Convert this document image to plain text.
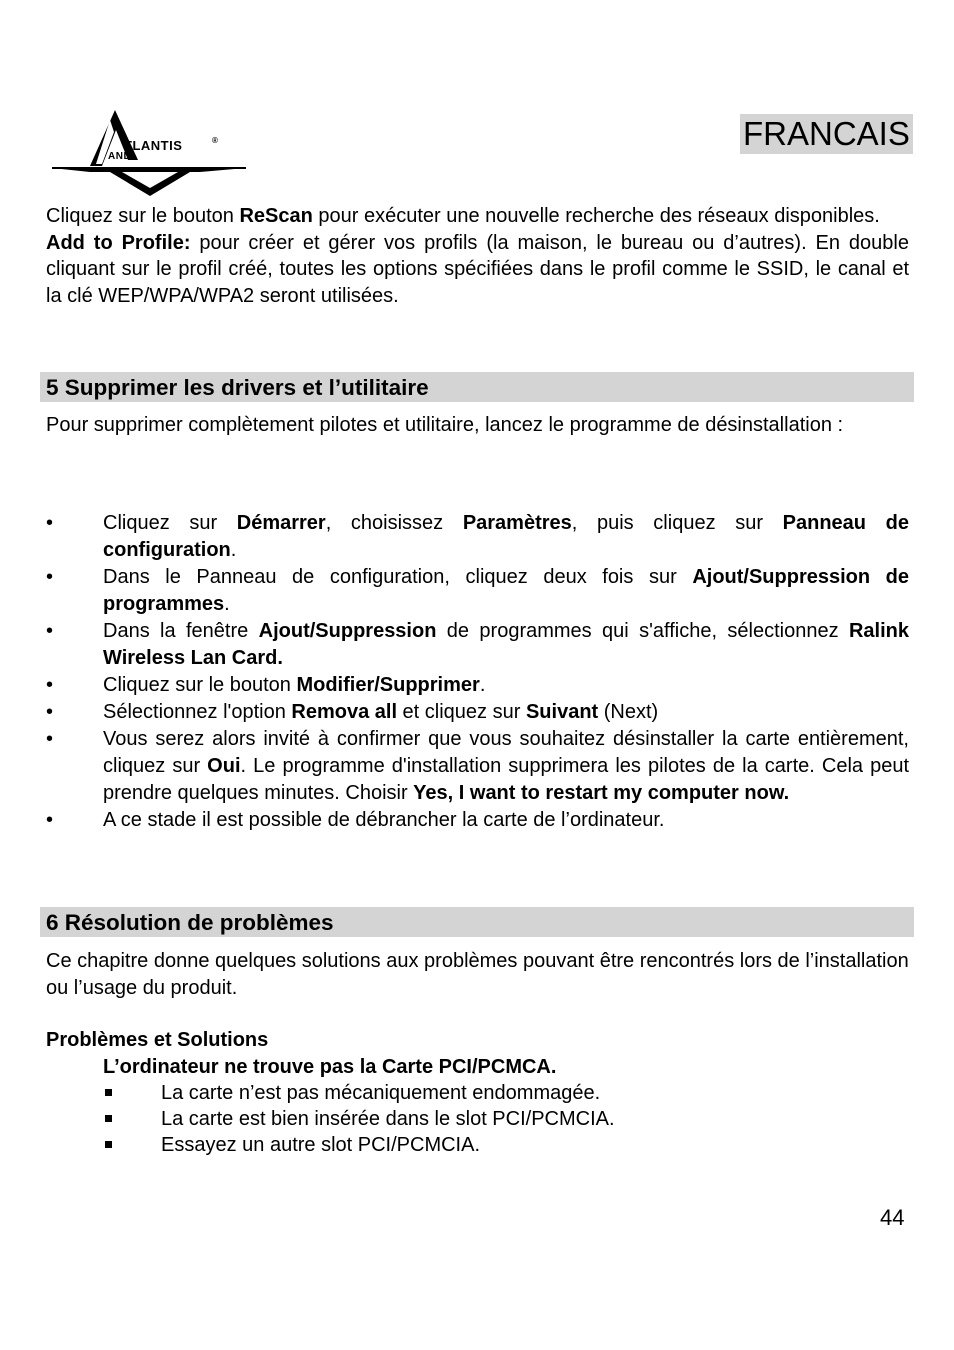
TLANTIS
AND
®	FRANCAIS

Cliquez sur le bouton ReScan pour exécuter une nouvelle recherche des réseaux disponibles.

Add to Profile: pour créer et gérer vos profils (la maison, le bureau ou d’autres). En double cliquant sur le profil créé, toutes les options spécifiées dans le profil comme le SSID, le canal et la clé WEP/WPA/WPA2 seront utilisées.

5 Supprimer les drivers et l’utilitaire

Pour supprimer complètement pilotes et utilitaire, lancez le programme de désinstallation :

• Cliquez sur Démarrer, choisissez Paramètres, puis cliquez sur Panneau de configuration.
• Dans le Panneau de configuration, cliquez deux fois sur Ajout/Suppression de programmes.
• Dans la fenêtre Ajout/Suppression de programmes qui s'affiche, sélectionnez Ralink Wireless Lan Card.
• Cliquez sur le bouton Modifier/Supprimer.
• Sélectionnez l'option Remova all et cliquez sur Suivant (Next)
• Vous serez alors invité à confirmer que vous souhaitez désinstaller la carte entièrement, cliquez sur Oui. Le programme d'installation supprimera les pilotes de la carte. Cela peut prendre quelques minutes. Choisir Yes, I want to restart my computer now.
• A ce stade il est possible de débrancher la carte de l’ordinateur.
6 Résolution de problèmes

Ce chapitre donne quelques solutions aux problèmes pouvant être rencontrés lors de l’installation ou l’usage du produit.

Problèmes et Solutions

L’ordinateur ne trouve pas la Carte PCI/PCMCA.

La carte n’est pas mécaniquement endommagée.
La carte est bien insérée dans le slot PCI/PCMCIA.
Essayez un autre slot PCI/PCMCIA.
44
